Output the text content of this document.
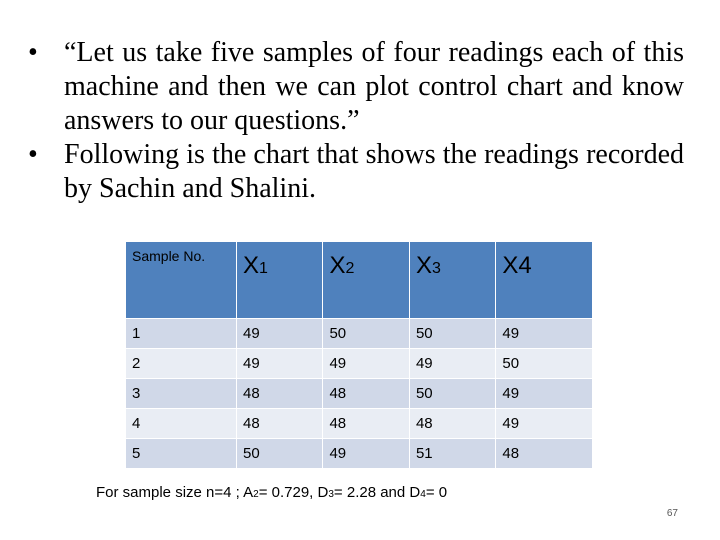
• “Let us take five samples of four readings each of this machine and then we can plot control chart and know answers to our questions.”
• Following is the chart that shows the readings recorded by Sachin and Shalini.
Sample No.	X1	X2	X3	X4
1	49	50	50	49
2	49	49	49	50
3	48	48	50	49
4	48	48	48	49
5	50	49	51	48
For sample size n=4 ; A2= 0.729, D3= 2.28 and D4= 0
67
